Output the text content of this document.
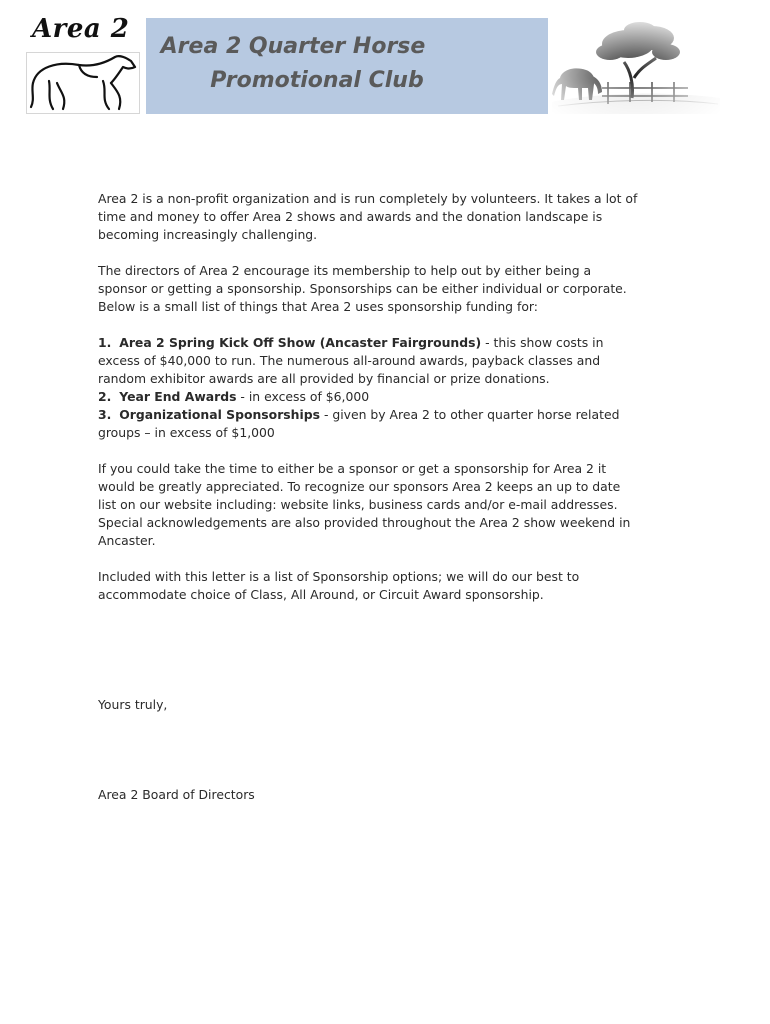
Area 2
Area 2 Quarter Horse
Promotional Club

Area 2 is a non-profit organization and is run completely by volunteers. It takes a lot of time and money to offer Area 2 shows and awards and the donation landscape is becoming increasingly challenging.

The directors of Area 2 encourage its membership to help out by either being a sponsor or getting a sponsorship. Sponsorships can be either individual or corporate. Below is a small list of things that Area 2 uses sponsorship funding for:

1. Area 2 Spring Kick Off Show (Ancaster Fairgrounds) - this show costs in excess of $40,000 to run. The numerous all-around awards, payback classes and random exhibitor awards are all provided by financial or prize donations.

2. Year End Awards - in excess of $6,000

3. Organizational Sponsorships - given by Area 2 to other quarter horse related groups – in excess of $1,000

If you could take the time to either be a sponsor or get a sponsorship for Area 2 it would be greatly appreciated. To recognize our sponsors Area 2 keeps an up to date list on our website including: website links, business cards and/or e-mail addresses. Special acknowledgements are also provided throughout the Area 2 show weekend in Ancaster.

Included with this letter is a list of Sponsorship options; we will do our best to accommodate choice of Class, All Around, or Circuit Award sponsorship.

Yours truly,
Area 2 Board of Directors
